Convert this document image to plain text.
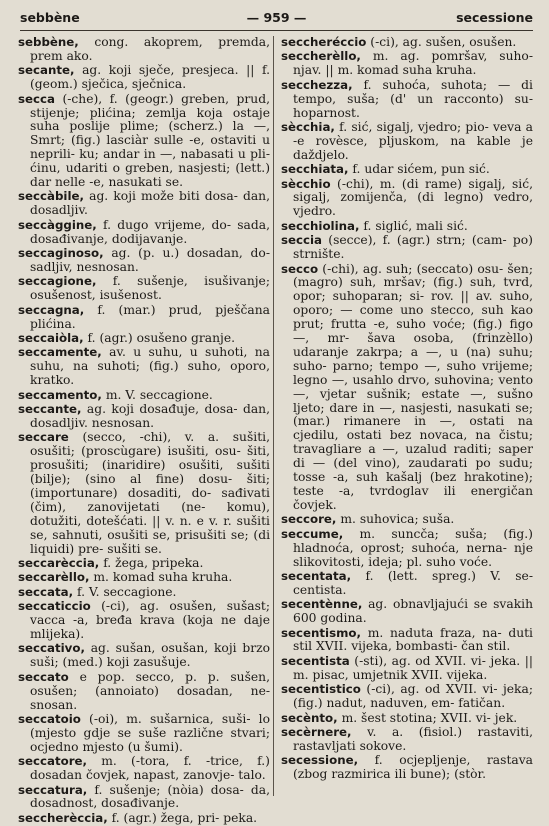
sebbène	— 959 —	secessione

sebbène, cong. akoprem, premda, prem ako.

secante, ag. koji sječe, presjeca. || f. (geom.) sječica, sječnica.

secca (-che), f. (geogr.) greben, prud, stijenje; plićina; zemlja koja ostaje suha poslije plime; (scherz.) la —, Smrt; (fig.) lasciàr sulle -e, ostaviti u neprili- ku; andar in —, nabasati u pli- ćinu, udariti o greben, nasjesti; (lett.) dar nelle -e, nasukati se.

seccàbile, ag. koji može biti dosa- dan, dosadljiv.

seccàggine, f. dugo vrijeme, do- sada, dosađivanje, dodijavanje.

seccaginoso, ag. (p. u.) dosadan, do- sadljiv, nesnosan.

seccagione, f. sušenje, isušivanje; osušenost, isušenost.

seccagna, f. (mar.) prud, pješčana plićina.

seccaiòla, f. (agr.) osušeno granje.

seccamente, av. u suhu, u suhoti, na suhu, na suhoti; (fig.) suho, oporo, kratko.

seccamento, m. V. seccagione.

seccante, ag. koji dosađuje, dosa- dan, dosadljiv. nesnosan.

seccare (secco, -chi), v. a. sušiti, osušiti; (proscùgare) isušiti, osu- šiti, prosušiti; (inaridire) osušiti, sušiti (bilje); (sino al fine) dosu- šiti; (importunare) dosaditi, do- sađivati (čim), zanovijetati (ne- komu), dotužiti, dotešćati. || v. n. e v. r. sušiti se, sahnuti, osušiti se, prisušiti se; (di liquidi) pre- sušiti se.

seccarèccia, f. žega, pripeka.

seccarèllo, m. komad suha kruha.

seccata, f. V. seccagione.

seccaticcio (-ci), ag. osušen, sušast; vacca -a, bređa krava (koja ne daje mlijeka).

seccativo, ag. sušan, osušan, koji brzo suši; (med.) koji zasušuje.

seccato e pop. secco, p. p. sušen, osušen; (annoiato) dosadan, ne- snosan.

seccatoio (-oi), m. sušarnica, suši- lo (mjesto gdje se suše različne stvari; ocjedno mjesto (u šumi).

seccatore, m. (-tora, f. -trice, f.) dosadan čovjek, napast, zanovje- talo.

seccatura, f. sušenje; (nòia) dosa- da, dosadnost, dosađivanje.

seccherèccia, f. (agr.) žega, pri- peka.

seccheréccio (-ci), ag. sušen, osušen.

seccherèllo, m. ag. pomršav, suho- njav. || m. komad suha kruha.

secchezza, f. suhoća, suhota; — di tempo, suša; (d' un racconto) su- hoparnost.

sècchia, f. sić, sigalj, vjedro; pio- veva a -e rovèsce, pljuskom, na kable je daždjelo.

secchiata, f. udar sićem, pun sić.

sècchio (-chi), m. (di rame) sigalj, sić, sigalj, zomijenča, (di legno) vedro, vjedro.

secchiolina, f. siglić, mali sić.

seccia (secce), f. (agr.) strn; (cam- po) strnište.

secco (-chi), ag. suh; (seccato) osu- šen; (magro) suh, mršav; (fig.) suh, tvrd, opor; suhoparan; si- rov. || av. suho, oporo; — come uno stecco, suh kao prut; frutta -e, suho voće; (fig.) figo —, mr- šava osoba, (frinzèllo) udaranje zakrpa; a —, u (na) suhu; suho- parno; tempo —, suho vrijeme; legno —, usahlo drvo, suhovina; vento —, vjetar sušnik; estate —, sušno ljeto; dare in —, nasjesti, nasukati se; (mar.) rimanere in —, ostati na cjedilu, ostati bez novaca, na čistu; travagliare a —, uzalud raditi; saper di — (del vino), zaudarati po sudu; tosse -a, suh kašalj (bez hrakotine); teste -a, tvrdoglav ili energičan čovjek.

seccore, m. suhovica; suša.

seccume, m. suncča; suša; (fig.) hladnoća, oprost; suhoća, nerna- nje slikovitosti, ideja; pl. suho voće.

secentata, f. (lett. spreg.) V. se- centista.

secentènne, ag. obnavljajući se svakih 600 godina.

secentismo, m. naduta fraza, na- duti stil XVII. vijeka, bombasti- čan stil.

secentista (-sti), ag. od XVII. vi- jeka. || m. pisac, umjetnik XVII. vijeka.

secentistico (-ci), ag. od XVII. vi- jeka; (fig.) nadut, naduven, em- fatičan.

secènto, m. šest stotina; XVII. vi- jek.

secèrnere, v. a. (fisiol.) rastaviti, rastavljati sokove.

secessione, f. ocjepljenje, rastava (zbog razmirica ili bune); (stòr.
